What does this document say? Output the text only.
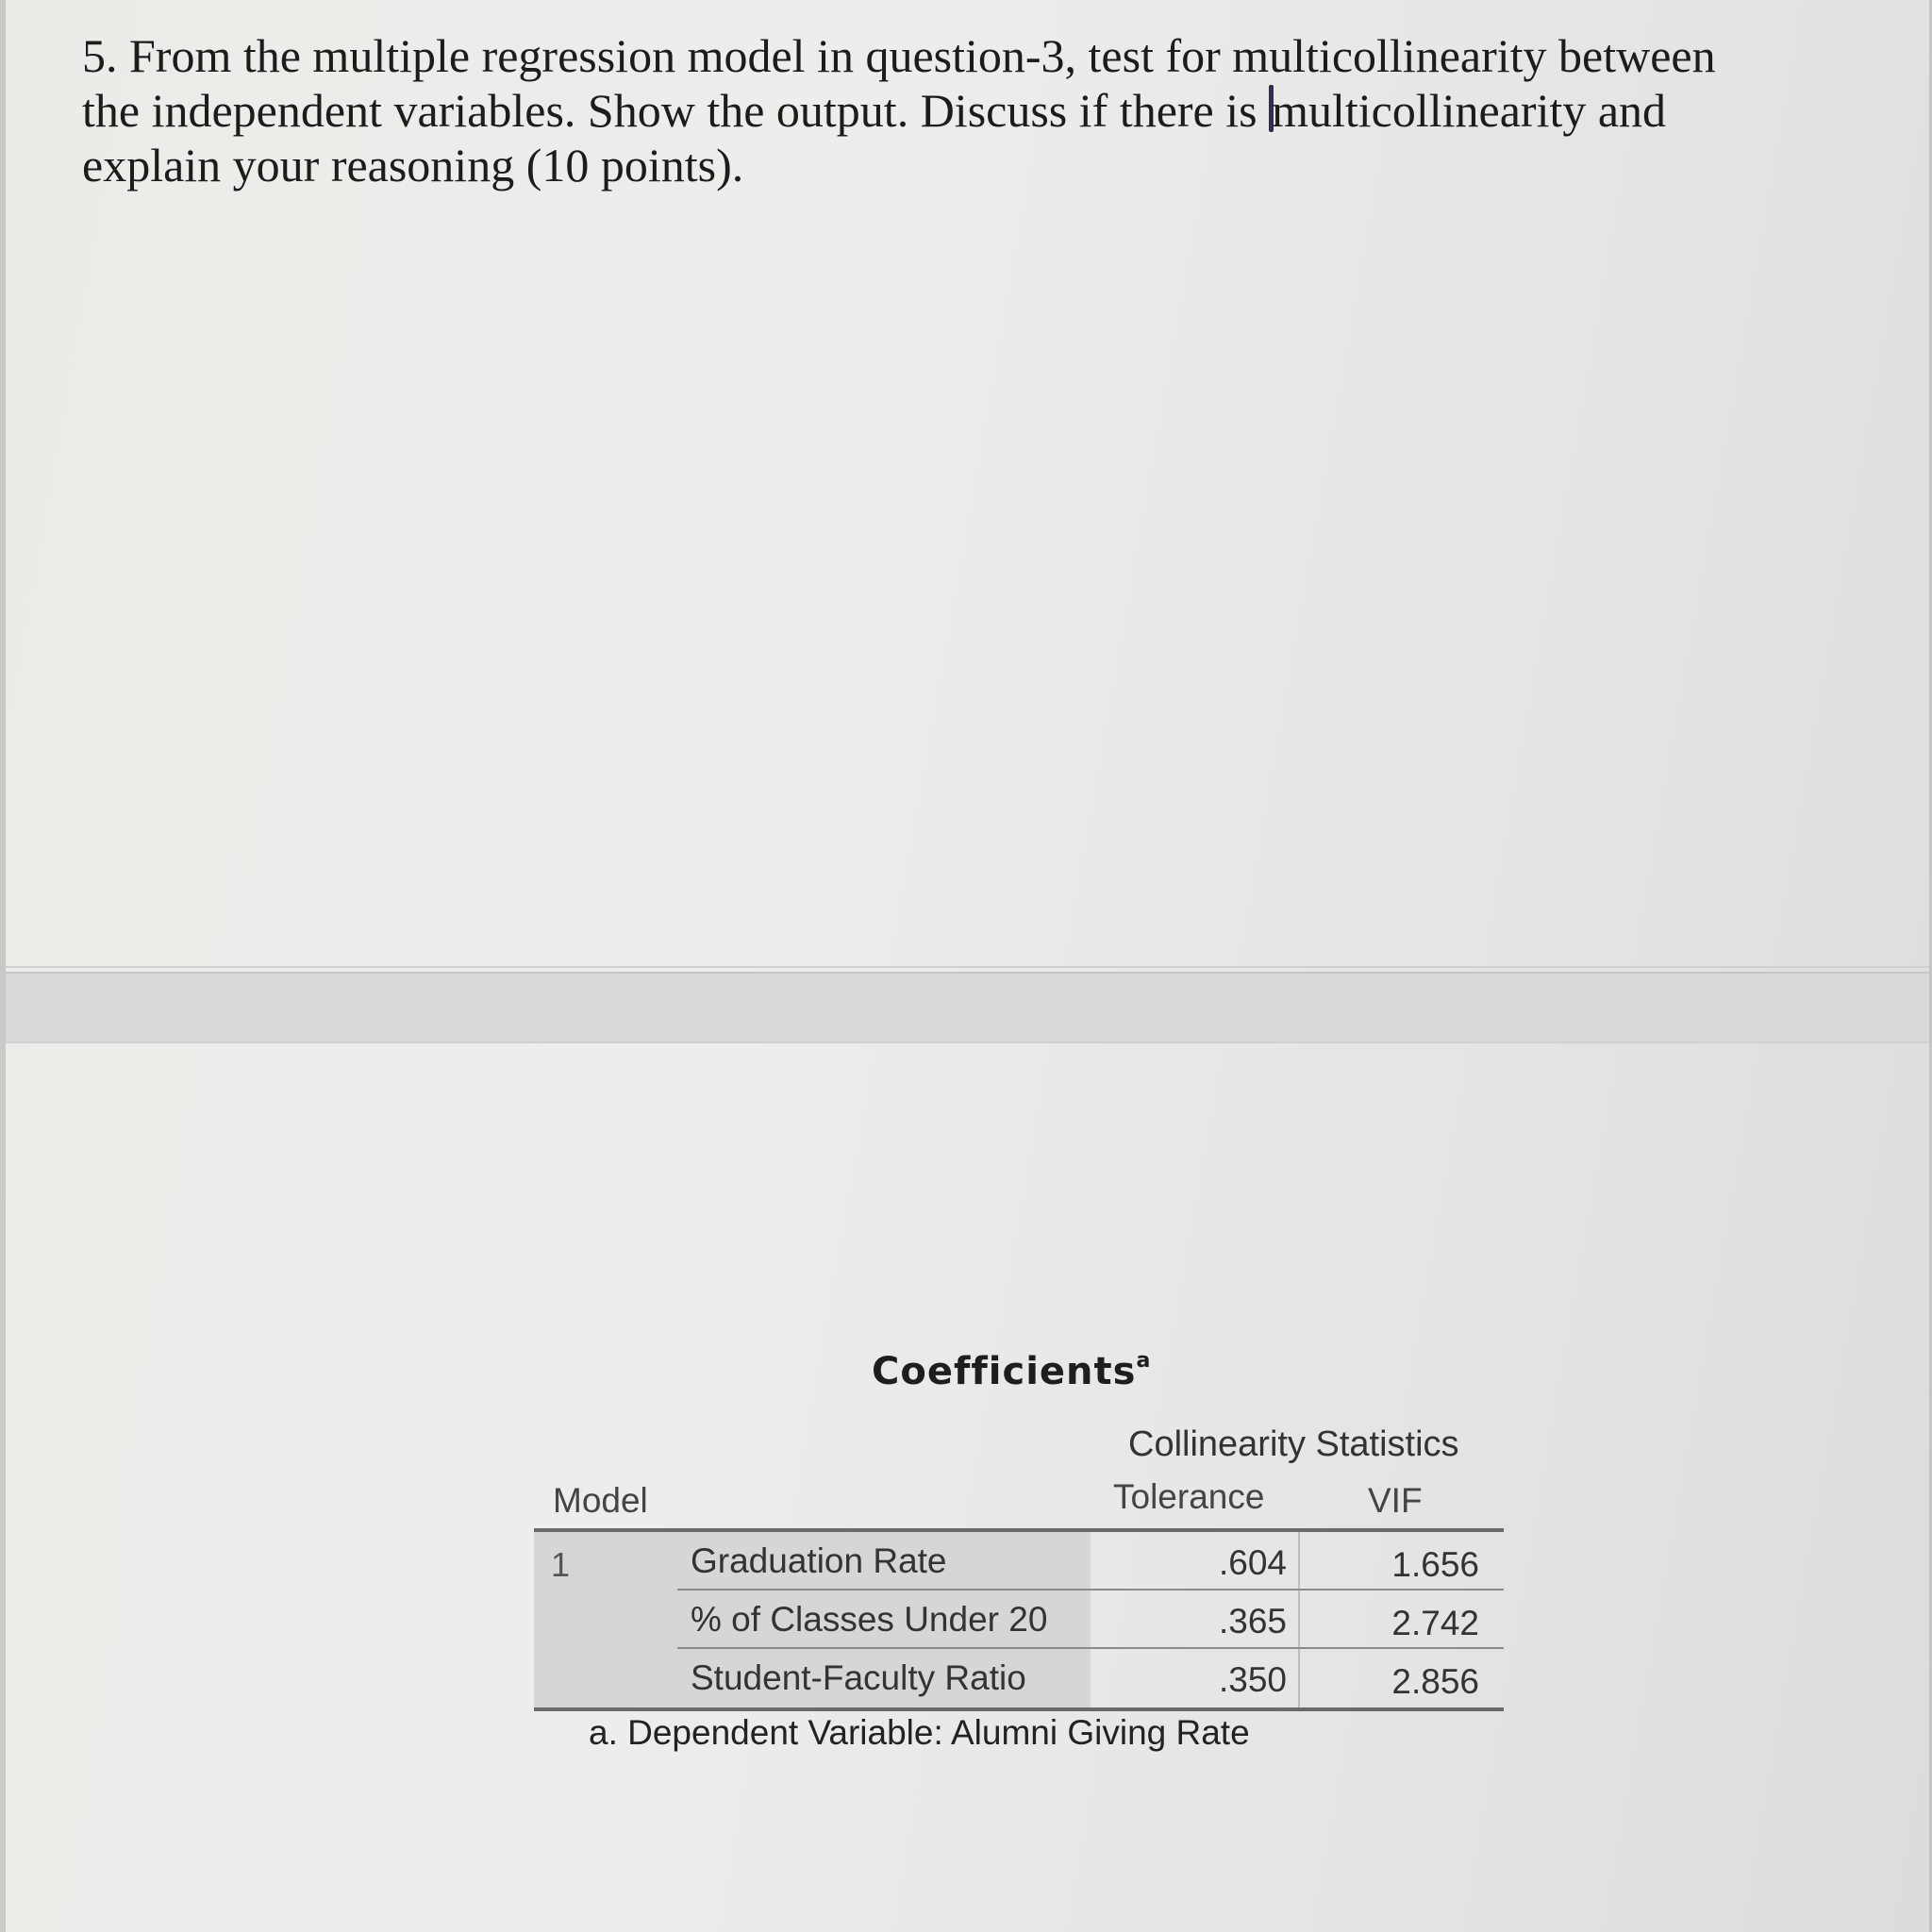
5. From the multiple regression model in question-3, test for multicollinearity between
the independent variables. Show the output. Discuss if there is multicollinearity and
explain your reasoning (10 points).
Coefficients$^a$
Collinearity Statistics
Model	Tolerance	VIF
1	Graduation Rate	.604	1.656
% of Classes Under 20	.365	2.742
Student-Faculty Ratio	.350	2.856
a. Dependent Variable: Alumni Giving Rate
